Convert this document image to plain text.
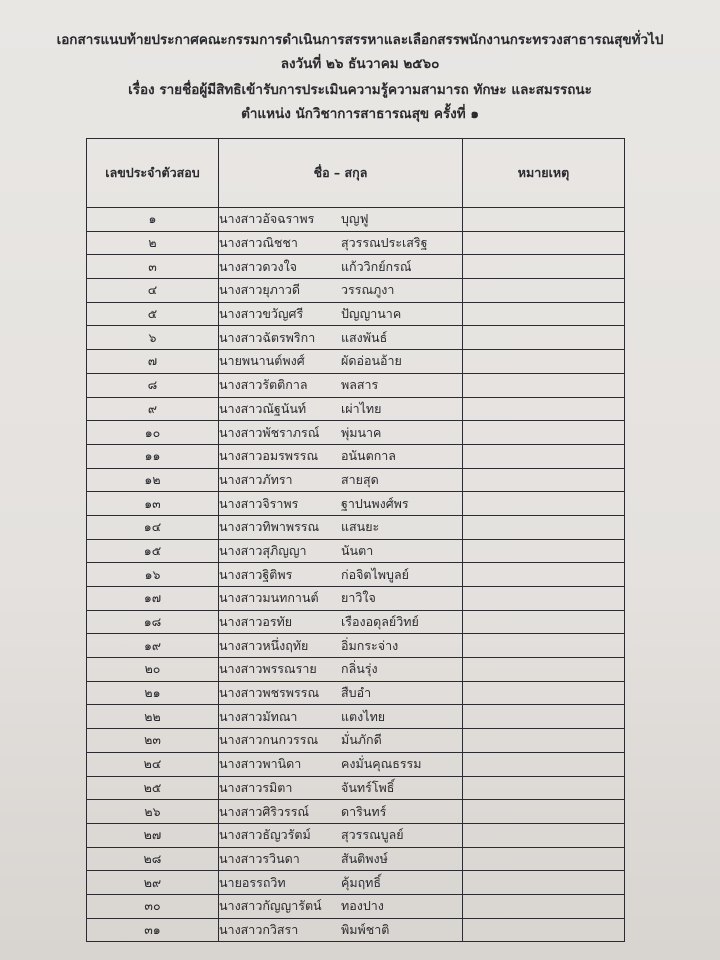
เอกสารแนบท้ายประกาศคณะกรรมการดำเนินการสรรหาและเลือกสรรพนักงานกระทรวงสาธารณสุขทั่วไป
ลงวันที่ ๒๖ ธันวาคม ๒๕๖๐
เรื่อง รายชื่อผู้มีสิทธิเข้ารับการประเมินความรู้ความสามารถ ทักษะ และสมรรถนะ
ตำแหน่ง นักวิชาการสาธารณสุข ครั้งที่ ๑
เลขประจำตัวสอบ	ชื่อ – สกุล	หมายเหตุ
๑	นางสาวอัจฉราพร บุญฟู	
๒	นางสาวณิชชา สุวรรณประเสริฐ	
๓	นางสาวดวงใจ แก้ววิกย์กรณ์	
๔	นางสาวยุภาวดี วรรณภูงา	
๕	นางสาวขวัญศรี ปัญญานาค	
๖	นางสาวฉัตรพริกา แสงพันธ์	
๗	นายพนานต์พงศ์ ผัดอ่อนอ้าย	
๘	นางสาวรัตติกาล พลสาร	
๙	นางสาวณัฐนันท์ เผ่าไทย	
๑๐	นางสาวพัชราภรณ์ พุ่มนาค	
๑๑	นางสาวอมรพรรณ อนันตกาล	
๑๒	นางสาวภัทรา สายสุด	
๑๓	นางสาวจิราพร ฐาปนพงศ์พร	
๑๔	นางสาวทิพาพรรณ แสนยะ	
๑๕	นางสาวสุภิญญา นันตา	
๑๖	นางสาวฐิติพร ก่อจิตไพบูลย์	
๑๗	นางสาวมนทกานต์ ยาวิใจ	
๑๘	นางสาวอรทัย เรืองอดุลย์วิทย์	
๑๙	นางสาวหนึ่งฤทัย อิ่มกระจ่าง	
๒๐	นางสาวพรรณราย กลิ่นรุ่ง	
๒๑	นางสาวพชรพรรณ สืบอำ	
๒๒	นางสาวมัทณา แตงไทย	
๒๓	นางสาวกนกวรรณ มั่นภักดี	
๒๔	นางสาวพานิดา คงมั่นคุณธรรม	
๒๕	นางสาวรมิตา จันทร์โพธิ์	
๒๖	นางสาวศิริวรรณ์ ดารินทร์	
๒๗	นางสาวธัญวรัตม์ สุวรรณบูลย์	
๒๘	นางสาวรวินดา สันติพงษ์	
๒๙	นายอรรถวิท คุ้มฤทธิ์	
๓๐	นางสาวกัญญารัตน์ ทองปาง	
๓๑	นางสาวกวิสรา พิมพ์ชาติ	
